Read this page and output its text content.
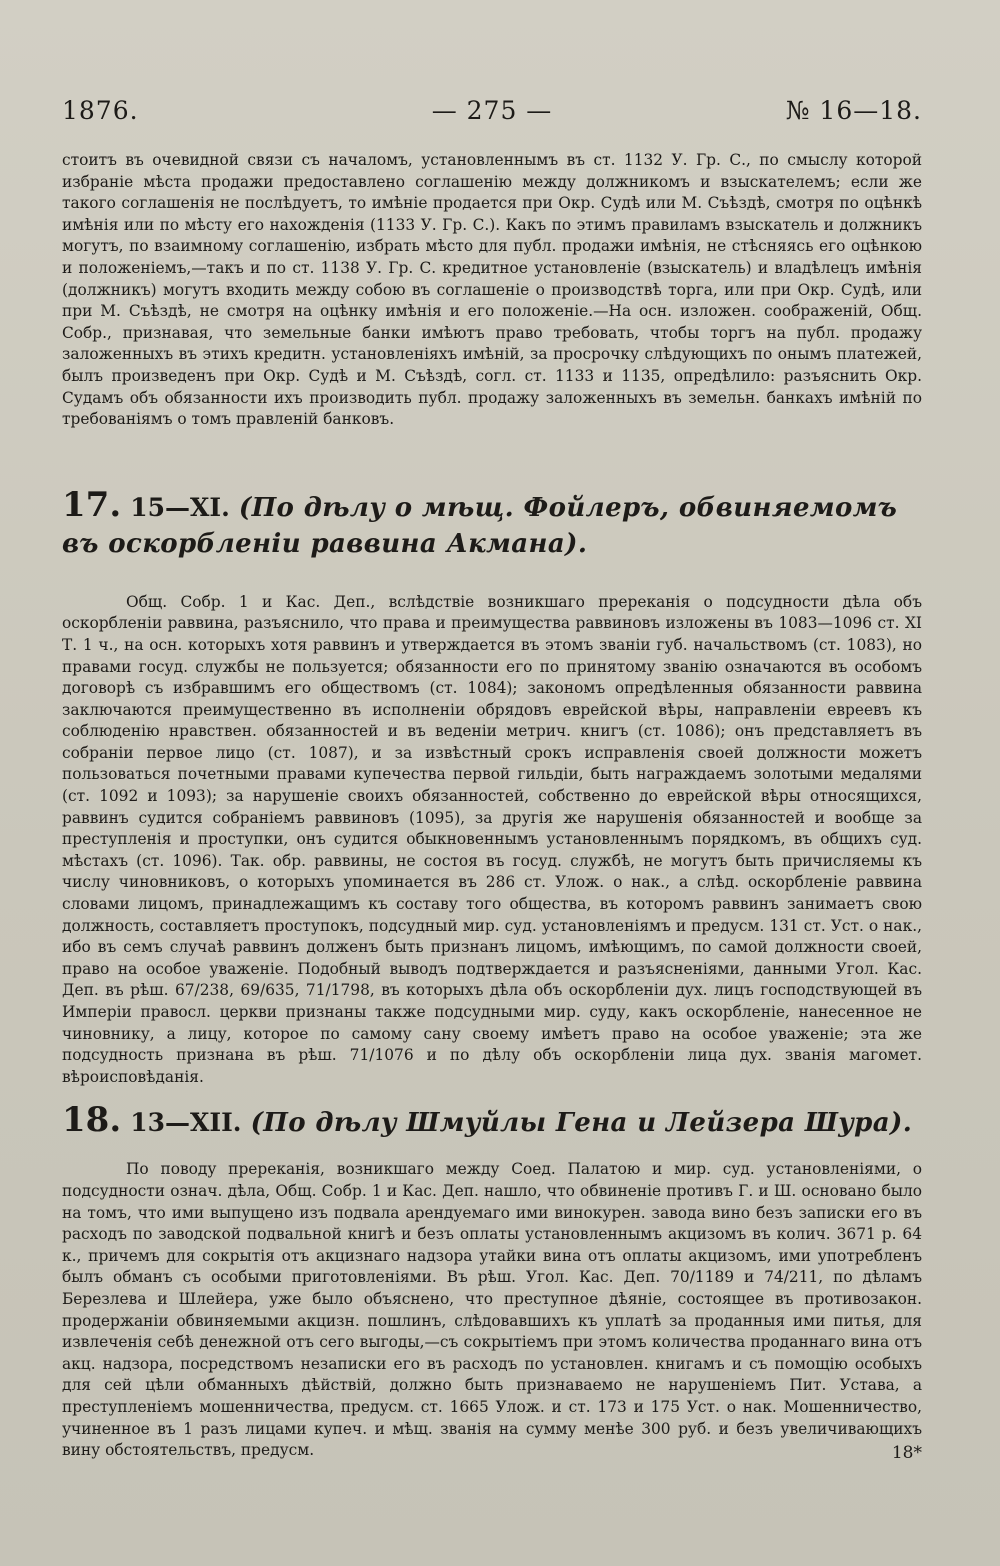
1876.	— 275 —	№ 16—18.

стоитъ въ очевидной связи съ началомъ, установленнымъ въ ст. 1132 У. Гр. С., по смыслу которой избраніе мѣста продажи предоставлено соглашенію между должникомъ и взыскателемъ; если же такого соглашенія не послѣдуетъ, то имѣніе продается при Окр. Судѣ или М. Съѣздѣ, смотря по оцѣнкѣ имѣнія или по мѣсту его нахожденія (1133 У. Гр. С.). Какъ по этимъ правиламъ взыскатель и должникъ могутъ, по взаимному соглашенію, избрать мѣсто для публ. продажи имѣнія, не стѣсняясь его оцѣнкою и положеніемъ,—такъ и по ст. 1138 У. Гр. С. кредитное установленіе (взыскатель) и владѣлецъ имѣнія (должникъ) могутъ входить между собою въ соглашеніе о производствѣ торга, или при Окр. Судѣ, или при М. Съѣздѣ, не смотря на оцѣнку имѣнія и его положеніе.—На осн. изложен. соображеній, Общ. Собр., признавая, что земельные банки имѣютъ право требовать, чтобы торгъ на публ. продажу заложенныхъ въ этихъ кредитн. установленіяхъ имѣній, за просрочку слѣдующихъ по онымъ платежей, былъ произведенъ при Окр. Судѣ и М. Съѣздѣ, согл. ст. 1133 и 1135, опредѣлило: разъяснить Окр. Судамъ объ обязанности ихъ производить публ. продажу заложенныхъ въ земельн. банкахъ имѣній по требованіямъ о томъ правленій банковъ.

17. 15—XI. (По дѣлу о мѣщ. Фойлеръ, обвиняемомъ въ оскорбленіи раввина Акмана).

Общ. Собр. 1 и Кас. Деп., вслѣдствіе возникшаго пререканія о подсудности дѣла объ оскорбленіи раввина, разъяснило, что права и преимущества раввиновъ изложены въ 1083—1096 ст. XI Т. 1 ч., на осн. которыхъ хотя раввинъ и утверждается въ этомъ званіи губ. начальствомъ (ст. 1083), но правами госуд. службы не пользуется; обязанности его по принятому званію означаются въ особомъ договорѣ съ избравшимъ его обществомъ (ст. 1084); закономъ опредѣленныя обязанности раввина заключаются преимущественно въ исполненіи обрядовъ еврейской вѣры, направленіи евреевъ къ соблюденію нравствен. обязанностей и въ веденіи метрич. книгъ (ст. 1086); онъ представляетъ въ собраніи первое лицо (ст. 1087), и за извѣстный срокъ исправленія своей должности можетъ пользоваться почетными правами купечества первой гильдіи, быть награждаемъ золотыми медалями (ст. 1092 и 1093); за нарушеніе своихъ обязанностей, собственно до еврейской вѣры относящихся, раввинъ судится собраніемъ раввиновъ (1095), за другія же нарушенія обязанностей и вообще за преступленія и проступки, онъ судится обыкновеннымъ установленнымъ порядкомъ, въ общихъ суд. мѣстахъ (ст. 1096). Так. обр. раввины, не состоя въ госуд. службѣ, не могутъ быть причисляемы къ числу чиновниковъ, о которыхъ упоминается въ 286 ст. Улож. о нак., а слѣд. оскорбленіе раввина словами лицомъ, принадлежащимъ къ составу того общества, въ которомъ раввинъ занимаетъ свою должность, составляетъ проступокъ, подсудный мир. суд. установленіямъ и предусм. 131 ст. Уст. о нак., ибо въ семъ случаѣ раввинъ долженъ быть признанъ лицомъ, имѣющимъ, по самой должности своей, право на особое уваженіе. Подобный выводъ подтверждается и разъясненіями, данными Угол. Кас. Деп. въ рѣш. 67/238, 69/635, 71/1798, въ которыхъ дѣла объ оскорбленіи дух. лицъ господствующей въ Имперіи правосл. церкви признаны также подсудными мир. суду, какъ оскорбленіе, нанесенное не чиновнику, а лицу, которое по самому сану своему имѣетъ право на особое уваженіе; эта же подсудность признана въ рѣш. 71/1076 и по дѣлу объ оскорбленіи лица дух. званія магомет. вѣроисповѣданія.

18. 13—XII. (По дѣлу Шмуйлы Гена и Лейзера Шура).

По поводу пререканія, возникшаго между Соед. Палатою и мир. суд. установленіями, о подсудности означ. дѣла, Общ. Собр. 1 и Кас. Деп. нашло, что обвиненіе противъ Г. и Ш. основано было на томъ, что ими выпущено изъ подвала арендуемаго ими винокурен. завода вино безъ записки его въ расходъ по заводской подвальной книгѣ и безъ оплаты установленнымъ акцизомъ въ колич. 3671 р. 64 к., причемъ для сокрытія отъ акцизнаго надзора утайки вина отъ оплаты акцизомъ, ими употребленъ былъ обманъ съ особыми приготовленіями. Въ рѣш. Угол. Кас. Деп. 70/1189 и 74/211, по дѣламъ Березлева и Шлейера, уже было объяснено, что преступное дѣяніе, состоящее въ противозакон. продержаніи обвиняемыми акцизн. пошлинъ, слѣдовавшихъ къ уплатѣ за проданныя ими питья, для извлеченія себѣ денежной отъ сего выгоды,—съ сокрытіемъ при этомъ количества проданнаго вина отъ акц. надзора, посредствомъ незаписки его въ расходъ по установлен. книгамъ и съ помощію особыхъ для сей цѣли обманныхъ дѣйствій, должно быть признаваемо не нарушеніемъ Пит. Устава, а преступленіемъ мошенничества, предусм. ст. 1665 Улож. и ст. 173 и 175 Уст. о нак. Мошенничество, учиненное въ 1 разъ лицами купеч. и мѣщ. званія на сумму менѣе 300 руб. и безъ увеличивающихъ вину обстоятельствъ, предусм.	18*
